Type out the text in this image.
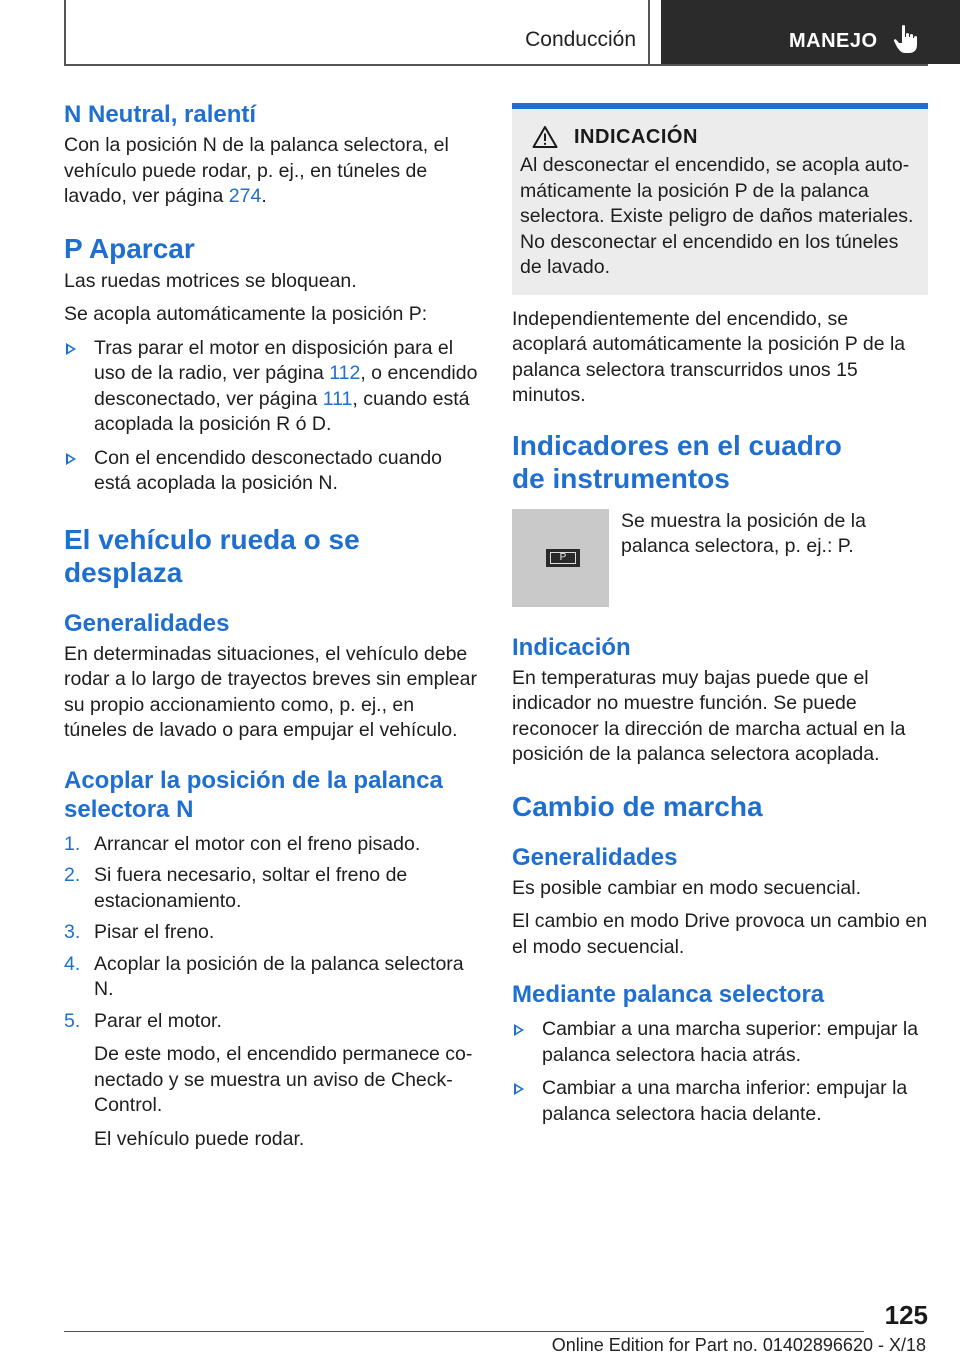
Conducción	MANEJO
N Neutral, ralentí

Con la posición N de la palanca selectora, el vehículo puede rodar, p. ej., en túneles de lavado, ver página 274.

P Aparcar

Las ruedas motrices se bloquean.

Se acopla automáticamente la posición P:

Tras parar el motor en disposición para el uso de la radio, ver página 112, o encendido desconectado, ver página 111, cuando está acoplada la posición R ó D.
Con el encendido desconectado cuando está acoplada la posición N.
El vehículo rueda o se desplaza
Generalidades

En determinadas situaciones, el vehículo debe rodar a lo largo de trayectos breves sin emplear su propio accionamiento como, p. ej., en túneles de lavado o para empujar el vehículo.

Acoplar la posición de la palanca selectora N
1. Arrancar el motor con el freno pisado.
2. Si fuera necesario, soltar el freno de estacionamiento.
3. Pisar el freno.
4. Acoplar la posición de la palanca selectora N.
5. Parar el motor.

De este modo, el encendido permanece conectado y se muestra un aviso de Check-Control.

El vehículo puede rodar.

INDICACIÓN

Al desconectar el encendido, se acopla automáticamente la posición P de la palanca selectora. Existe peligro de daños materiales. No desconectar el encendido en los túneles de lavado.

Independientemente del encendido, se acoplará automáticamente la posición P de la palanca selectora transcurridos unos 15 minutos.

Indicadores en el cuadro
de instrumentos
P

Se muestra la posición de la palanca selectora, p. ej.: P.

Indicación

En temperaturas muy bajas puede que el indicador no muestre función. Se puede reconocer la dirección de marcha actual en la posición de la palanca selectora acoplada.

Cambio de marcha
Generalidades

Es posible cambiar en modo secuencial.

El cambio en modo Drive provoca un cambio en el modo secuencial.

Mediante palanca selectora
Cambiar a una marcha superior: empujar la palanca selectora hacia atrás.
Cambiar a una marcha inferior: empujar la palanca selectora hacia delante.
125
Online Edition for Part no. 01402896620 - X/18
